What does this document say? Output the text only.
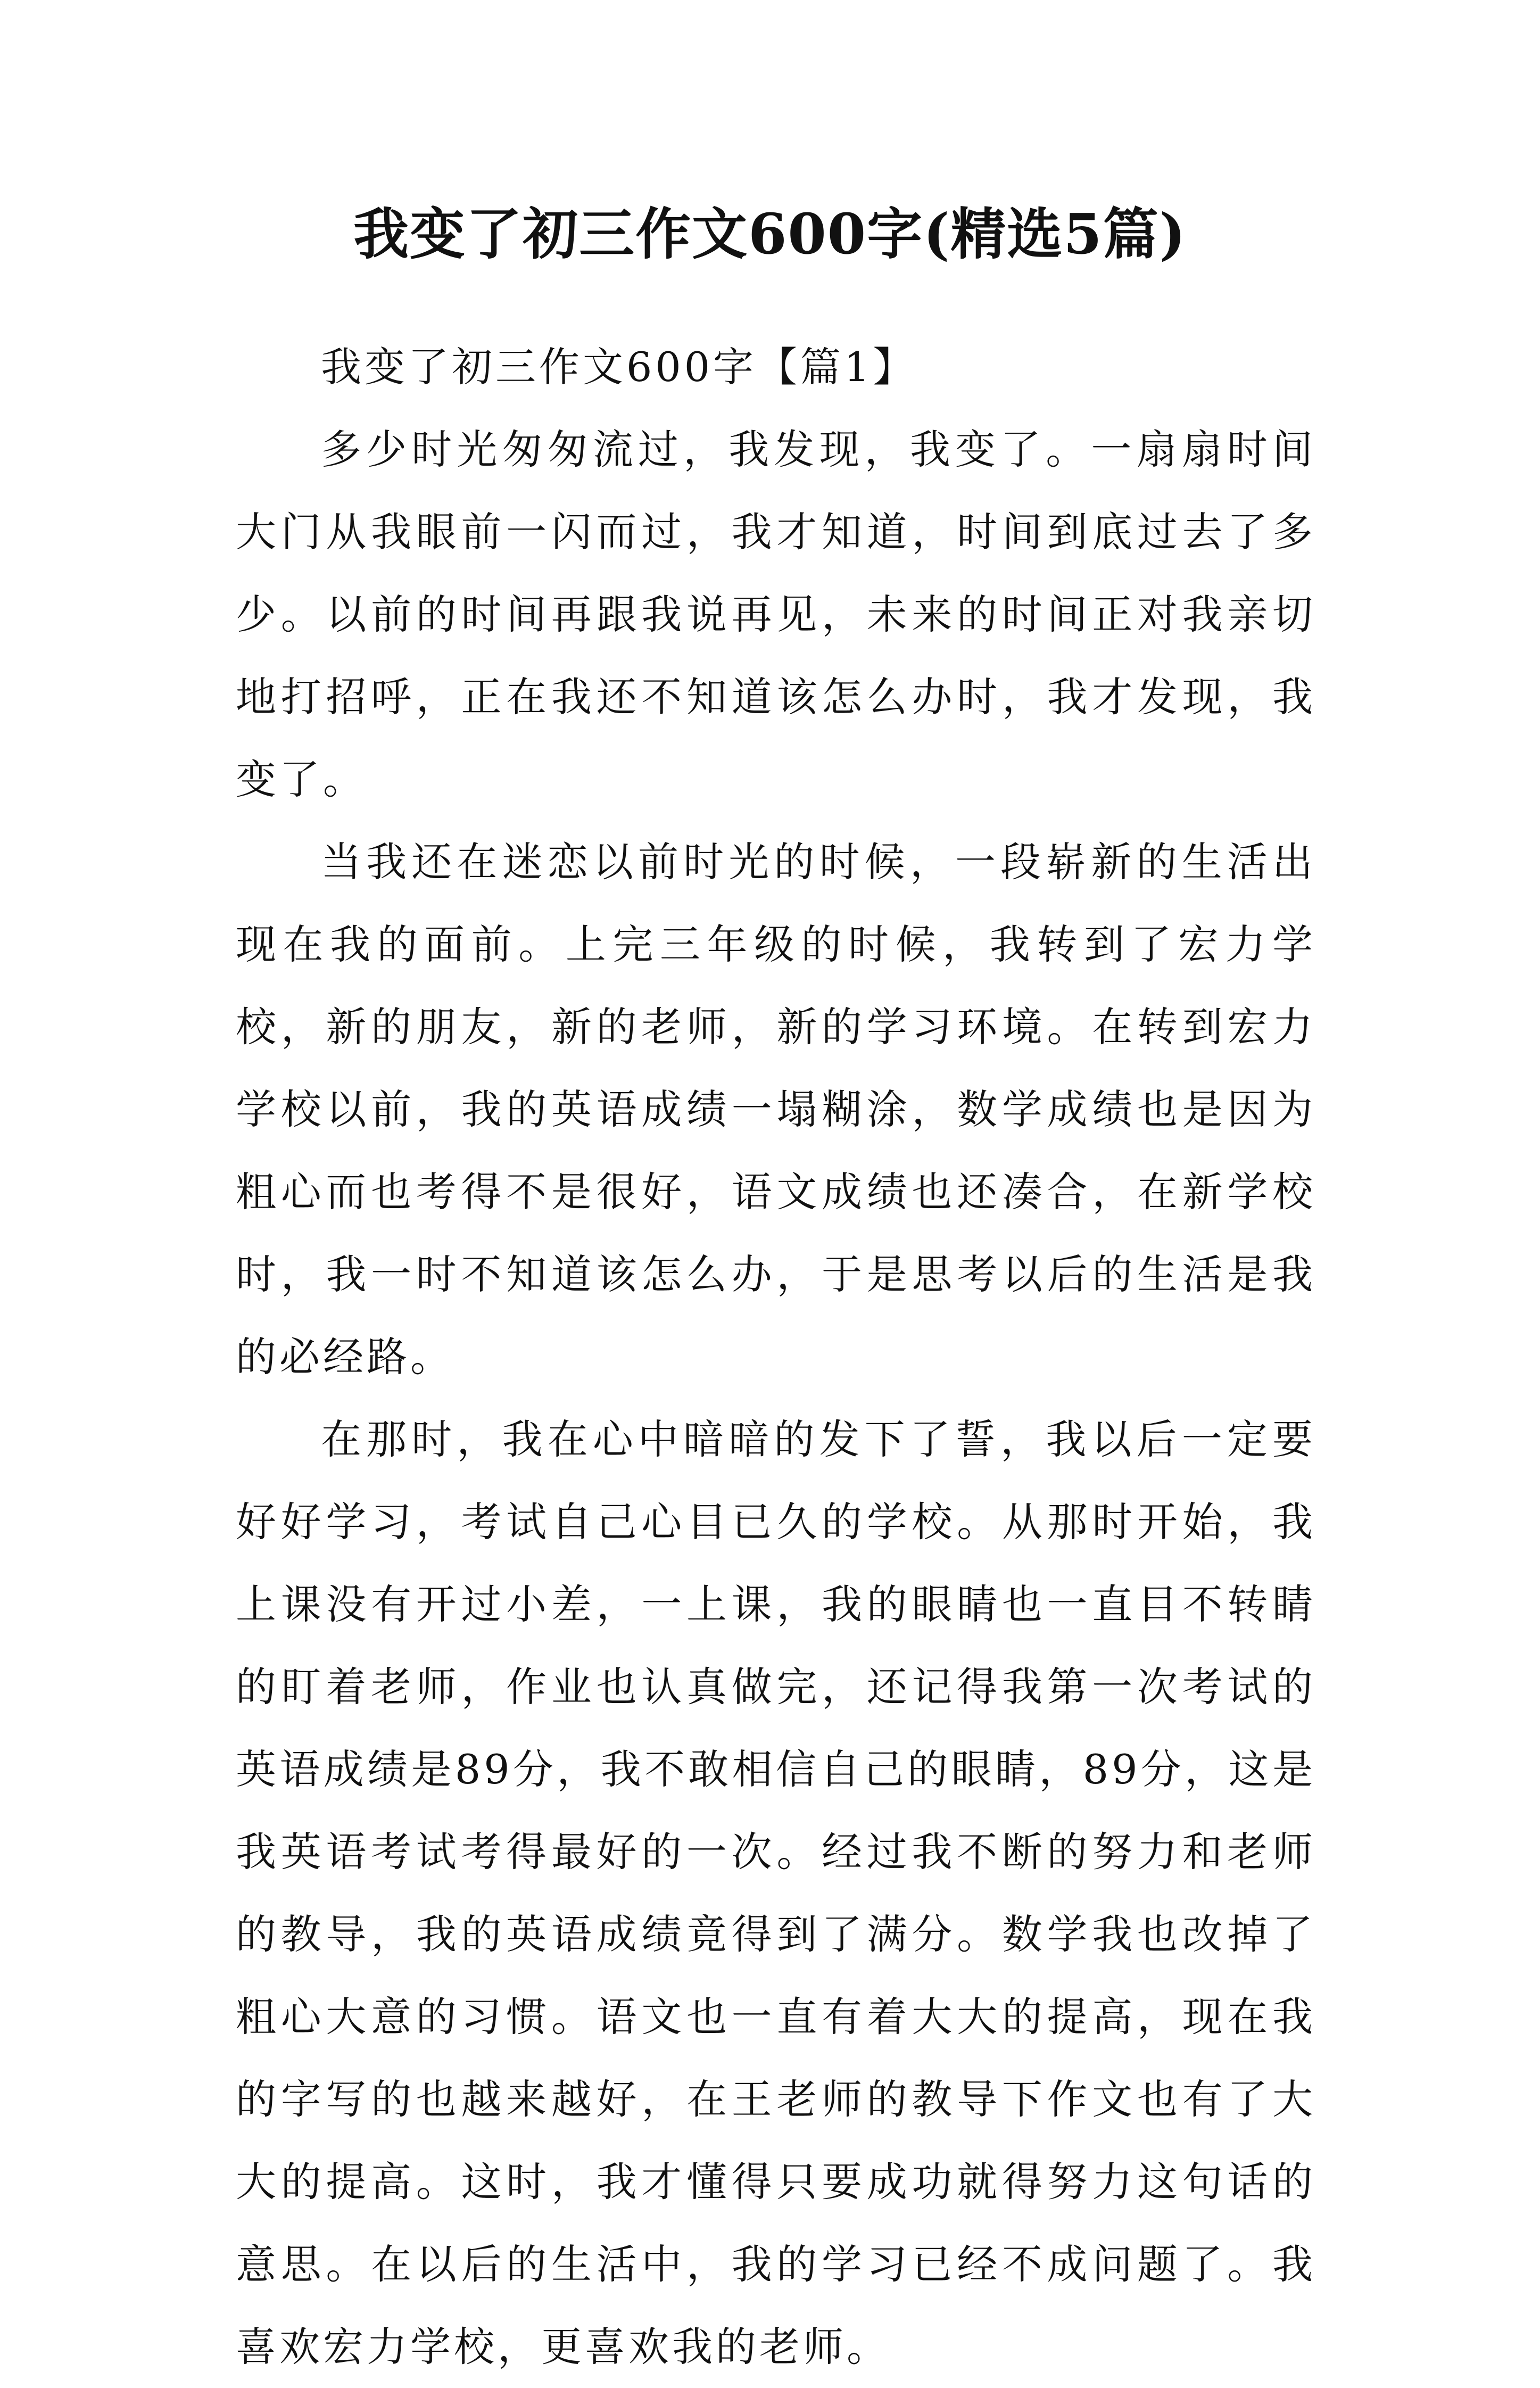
我变了初三作文600字(精选5篇)

我变了初三作文600字【篇1】

多少时光匆匆流过，我发现，我变了。一扇扇时间大门从我眼前一闪而过，我才知道，时间到底过去了多少。以前的时间再跟我说再见，未来的时间正对我亲切地打招呼，正在我还不知道该怎么办时，我才发现，我变了。

当我还在迷恋以前时光的时候，一段崭新的生活出现在我的面前。上完三年级的时候，我转到了宏力学校，新的朋友，新的老师，新的学习环境。在转到宏力学校以前，我的英语成绩一塌糊涂，数学成绩也是因为粗心而也考得不是很好，语文成绩也还凑合，在新学校时，我一时不知道该怎么办，于是思考以后的生活是我的必经路。

在那时，我在心中暗暗的发下了誓，我以后一定要好好学习，考试自己心目已久的学校。从那时开始，我上课没有开过小差，一上课，我的眼睛也一直目不转睛的盯着老师，作业也认真做完，还记得我第一次考试的英语成绩是89分，我不敢相信自己的眼睛，89分，这是我英语考试考得最好的一次。经过我不断的努力和老师的教导，我的英语成绩竟得到了满分。数学我也改掉了粗心大意的习惯。语文也一直有着大大的提高，现在我的字写的也越来越好，在王老师的教导下作文也有了大大的提高。这时，我才懂得只要成功就得努力这句话的意思。在以后的生活中，我的学习已经不成问题了。我喜欢宏力学校，更喜欢我的老师。
